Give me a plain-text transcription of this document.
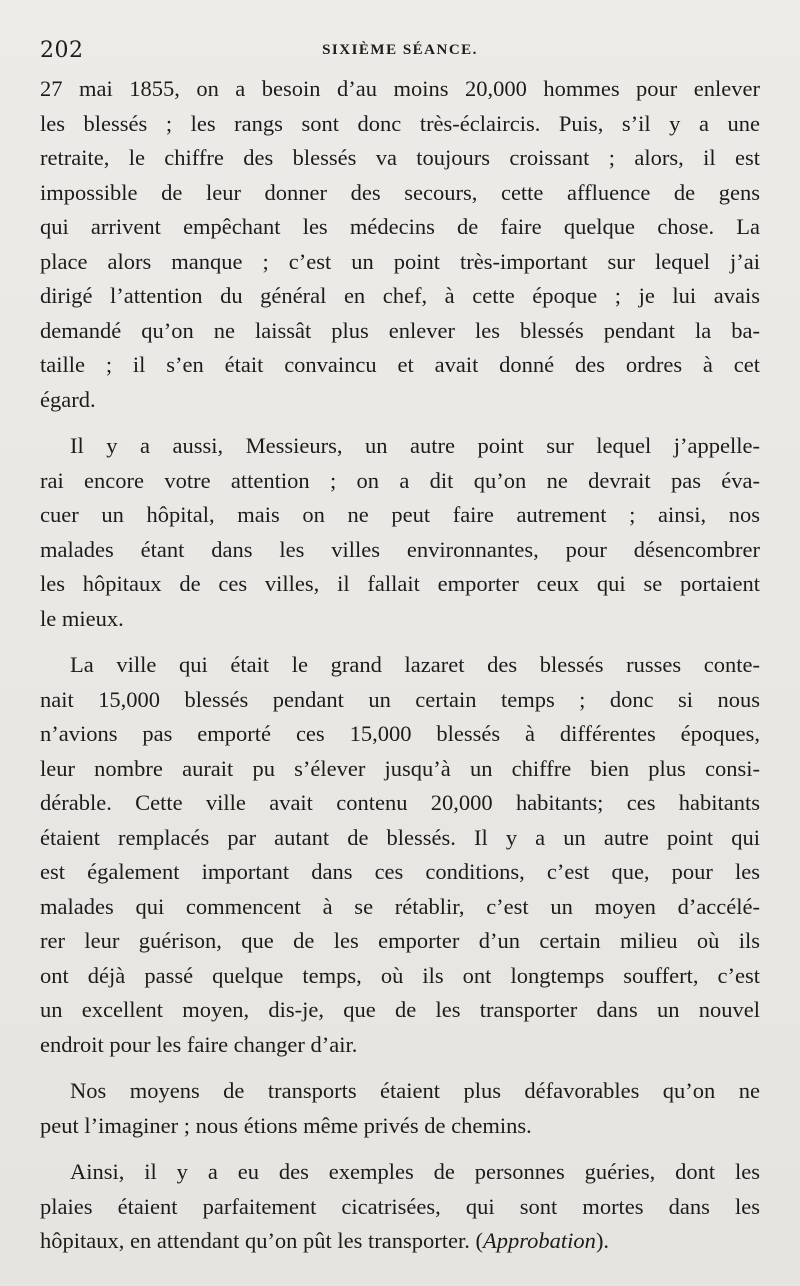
202	SIXIÈME SÉANCE.
27 mai 1855, on a besoin d’au moins 20,000 hommes pour enlever
les blessés ; les rangs sont donc très-éclaircis. Puis, s’il y a une
retraite, le chiffre des blessés va toujours croissant ; alors, il est
impossible de leur donner des secours, cette affluence de gens
qui arrivent empêchant les médecins de faire quelque chose. La
place alors manque ; c’est un point très-important sur lequel j’ai
dirigé l’attention du général en chef, à cette époque ; je lui avais
demandé qu’on ne laissât plus enlever les blessés pendant la ba-
taille ; il s’en était convaincu et avait donné des ordres à cet
égard.
Il y a aussi, Messieurs, un autre point sur lequel j’appelle-
rai encore votre attention ; on a dit qu’on ne devrait pas éva-
cuer un hôpital, mais on ne peut faire autrement ; ainsi, nos
malades étant dans les villes environnantes, pour désencombrer
les hôpitaux de ces villes, il fallait emporter ceux qui se portaient
le mieux.
La ville qui était le grand lazaret des blessés russes conte-
nait 15,000 blessés pendant un certain temps ; donc si nous
n’avions pas emporté ces 15,000 blessés à différentes époques,
leur nombre aurait pu s’élever jusqu’à un chiffre bien plus consi-
dérable. Cette ville avait contenu 20,000 habitants; ces habitants
étaient remplacés par autant de blessés. Il y a un autre point qui
est également important dans ces conditions, c’est que, pour les
malades qui commencent à se rétablir, c’est un moyen d’accélé-
rer leur guérison, que de les emporter d’un certain milieu où ils
ont déjà passé quelque temps, où ils ont longtemps souffert, c’est
un excellent moyen, dis-je, que de les transporter dans un nouvel
endroit pour les faire changer d’air.
Nos moyens de transports étaient plus défavorables qu’on ne
peut l’imaginer ; nous étions même privés de chemins.
Ainsi, il y a eu des exemples de personnes guéries, dont les
plaies étaient parfaitement cicatrisées, qui sont mortes dans les
hôpitaux, en attendant qu’on pût les transporter. (Approbation).
